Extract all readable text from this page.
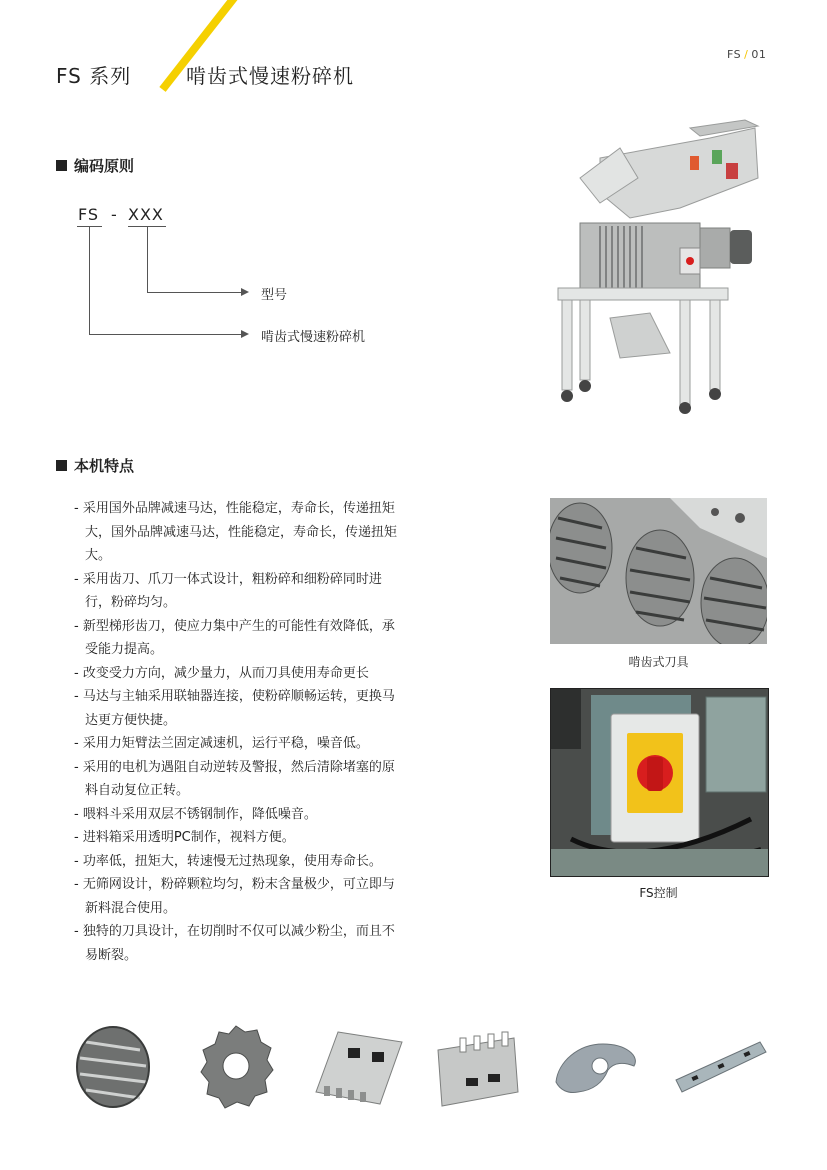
FS 系列	啃齿式慢速粉碎机
FS / 01
编码原则
FS - XXX
型号
啃齿式慢速粉碎机
本机特点
- 采用国外品牌减速马达，性能稳定，寿命长，传递扭矩大，国外品牌减速马达，性能稳定，寿命长，传递扭矩大。
- 采用齿刀、爪刀一体式设计，粗粉碎和细粉碎同时进行，粉碎均匀。
- 新型梯形齿刀，使应力集中产生的可能性有效降低，承受能力提高。
- 改变受力方向，减少量力，从而刀具使用寿命更长
- 马达与主轴采用联轴器连接，使粉碎顺畅运转，更换马达更方便快捷。
- 采用力矩臂法兰固定减速机，运行平稳，噪音低。
- 采用的电机为遇阻自动逆转及警报，然后清除堵塞的原料自动复位正转。
- 喂料斗采用双层不锈钢制作，降低噪音。
- 进料箱采用透明PC制作，视料方便。
- 功率低，扭矩大，转速慢无过热现象，使用寿命长。
- 无筛网设计，粉碎颗粒均匀，粉末含量极少，可立即与新料混合使用。
- 独特的刀具设计，在切削时不仅可以减少粉尘，而且不易断裂。
啃齿式刀具
FS控制
